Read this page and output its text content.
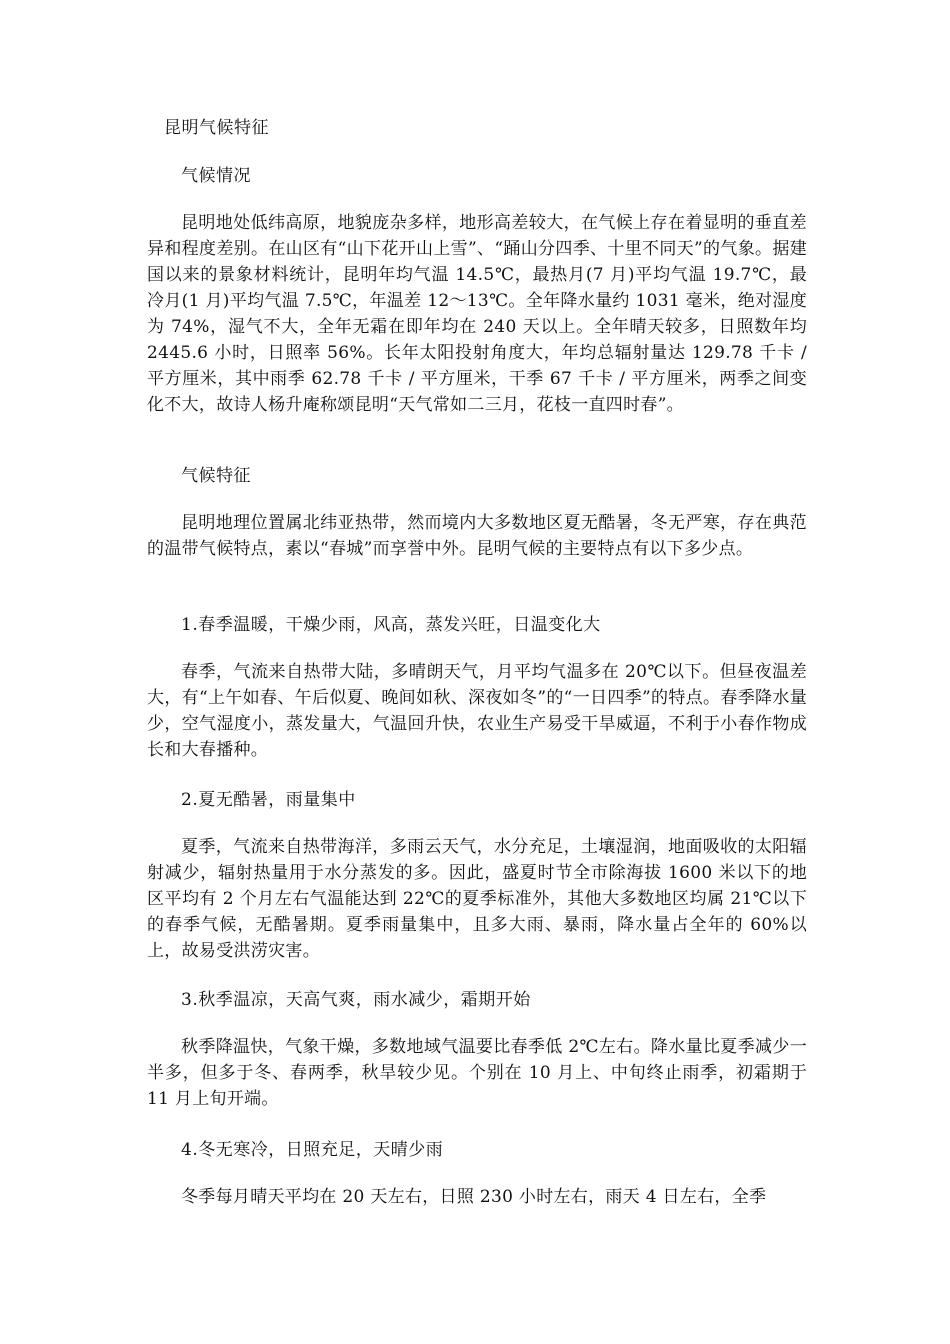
昆明气候特征
气候情况

昆明地处低纬高原，地貌庞杂多样，地形高差较大，在气候上存在着显明的垂直差异和程度差别。在山区有“山下花开山上雪”、“踊山分四季、十里不同天”的气象。据建国以来的景象材料统计，昆明年均气温 14.5℃，最热月(7 月)平均气温 19.7℃，最冷月(1 月)平均气温 7.5℃，年温差 12～13℃。全年降水量约 1031 毫米，绝对湿度为 74%，湿气不大，全年无霜在即年均在 240 天以上。全年晴天较多，日照数年均 2445.6 小时，日照率 56%。长年太阳投射角度大，年均总辐射量达 129.78 千卡 / 平方厘米，其中雨季 62.78 千卡 / 平方厘米，干季 67 千卡 / 平方厘米，两季之间变化不大，故诗人杨升庵称颂昆明“天气常如二三月，花枝一直四时春”。

气候特征

昆明地理位置属北纬亚热带，然而境内大多数地区夏无酷暑，冬无严寒，存在典范的温带气候特点，素以“春城”而享誉中外。昆明气候的主要特点有以下多少点。

1.春季温暖，干燥少雨，风高，蒸发兴旺，日温变化大

春季，气流来自热带大陆，多晴朗天气，月平均气温多在 20℃以下。但昼夜温差大，有“上午如春、午后似夏、晚间如秋、深夜如冬”的“一日四季”的特点。春季降水量少，空气湿度小，蒸发量大，气温回升快，农业生产易受干旱威逼，不利于小春作物成长和大春播种。

2.夏无酷暑，雨量集中

夏季，气流来自热带海洋，多雨云天气，水分充足，土壤湿润，地面吸收的太阳辐射减少，辐射热量用于水分蒸发的多。因此，盛夏时节全市除海拔 1600 米以下的地区平均有 2 个月左右气温能达到 22℃的夏季标准外，其他大多数地区均属 21℃以下的春季气候，无酷暑期。夏季雨量集中，且多大雨、暴雨，降水量占全年的 60%以上，故易受洪涝灾害。

3.秋季温凉，天高气爽，雨水减少，霜期开始

秋季降温快，气象干燥，多数地域气温要比春季低 2℃左右。降水量比夏季减少一半多，但多于冬、春两季，秋旱较少见。个别在 10 月上、中旬终止雨季，初霜期于 11 月上旬开端。

4.冬无寒冷，日照充足，天晴少雨

冬季每月晴天平均在 20 天左右，日照 230 小时左右，雨天 4 日左右，全季
